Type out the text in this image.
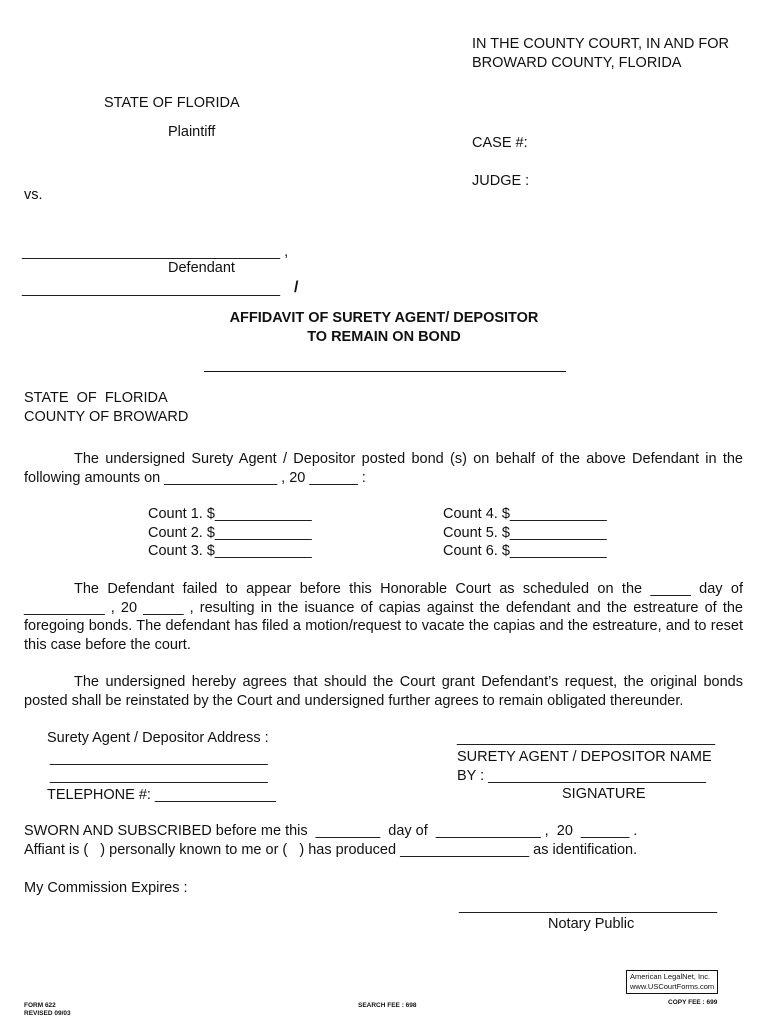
IN THE COUNTY COURT, IN AND FOR
BROWARD COUNTY, FLORIDA
STATE OF FLORIDA
Plaintiff
CASE #:
JUDGE :
vs.
________________________________ ,
Defendant
________________________________ /
AFFIDAVIT OF SURETY AGENT/ DEPOSITOR
TO REMAIN ON BOND
STATE  OF  FLORIDA
COUNTY OF BROWARD
The undersigned Surety Agent / Depositor posted bond (s) on behalf of the above Defendant in the following amounts on ______________ , 20 ______ :
Count 1. $____________
Count 2. $____________
Count 3. $____________
Count 4. $____________
Count 5. $____________
Count 6. $____________
The Defendant failed to appear before this Honorable Court as scheduled on the _____ day of __________ , 20 _____ , resulting in the isuance of capias against the defendant and the estreature of the foregoing bonds. The defendant has filed a motion/request to vacate the capias and the estreature, and to reset this case before the court.
The undersigned hereby agrees that should the Court grant Defendant’s request, the original bonds posted shall be reinstated by the Court and undersigned further agrees to remain obligated thereunder.
Surety Agent / Depositor Address :
___________________________
___________________________
TELEPHONE #: _______________
________________________________
SURETY AGENT / DEPOSITOR NAME
BY : ___________________________
SIGNATURE
SWORN AND SUBSCRIBED before me this  ________  day of  _____________ ,  20  ______ .
Affiant is (   ) personally known to me or (   ) has produced ________________ as identification.
My Commission Expires :
________________________________
Notary Public
American LegalNet, Inc.
www.USCourtForms.com
FORM 622
REVISED 09/03
SEARCH FEE : 698	COPY FEE : 699
